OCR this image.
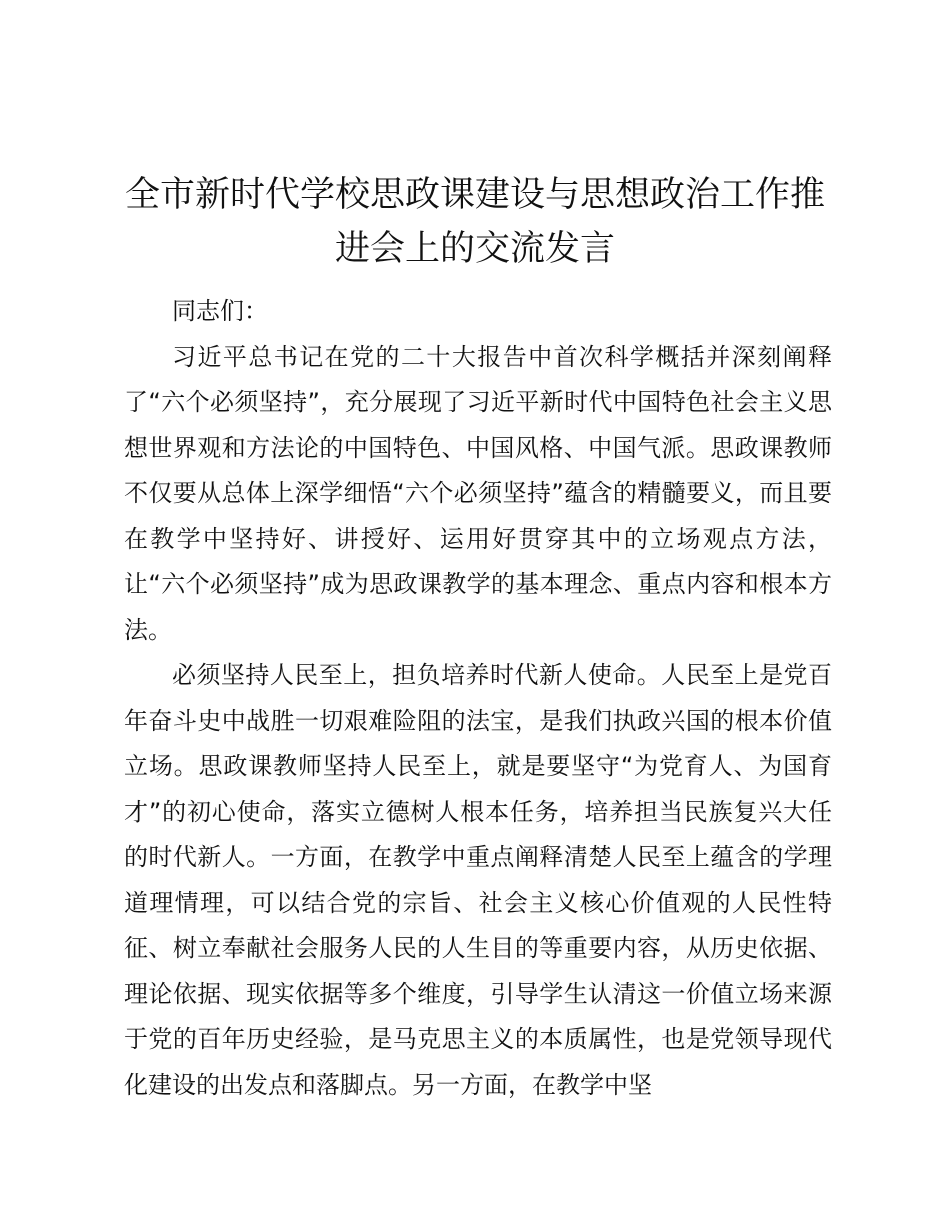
全市新时代学校思政课建设与思想政治工作推进会上的交流发言

同志们：

习近平总书记在党的二十大报告中首次科学概括并深刻阐释了“六个必须坚持”，充分展现了习近平新时代中国特色社会主义思想世界观和方法论的中国特色、中国风格、中国气派。思政课教师不仅要从总体上深学细悟“六个必须坚持”蕴含的精髓要义，而且要在教学中坚持好、讲授好、运用好贯穿其中的立场观点方法，让“六个必须坚持”成为思政课教学的基本理念、重点内容和根本方法。

必须坚持人民至上，担负培养时代新人使命。人民至上是党百年奋斗史中战胜一切艰难险阻的法宝，是我们执政兴国的根本价值立场。思政课教师坚持人民至上，就是要坚守“为党育人、为国育才”的初心使命，落实立德树人根本任务，培养担当民族复兴大任的时代新人。一方面，在教学中重点阐释清楚人民至上蕴含的学理道理情理，可以结合党的宗旨、社会主义核心价值观的人民性特征、树立奉献社会服务人民的人生目的等重要内容，从历史依据、理论依据、现实依据等多个维度，引导学生认清这一价值立场来源于党的百年历史经验，是马克思主义的本质属性，也是党领导现代化建设的出发点和落脚点。另一方面，在教学中坚
